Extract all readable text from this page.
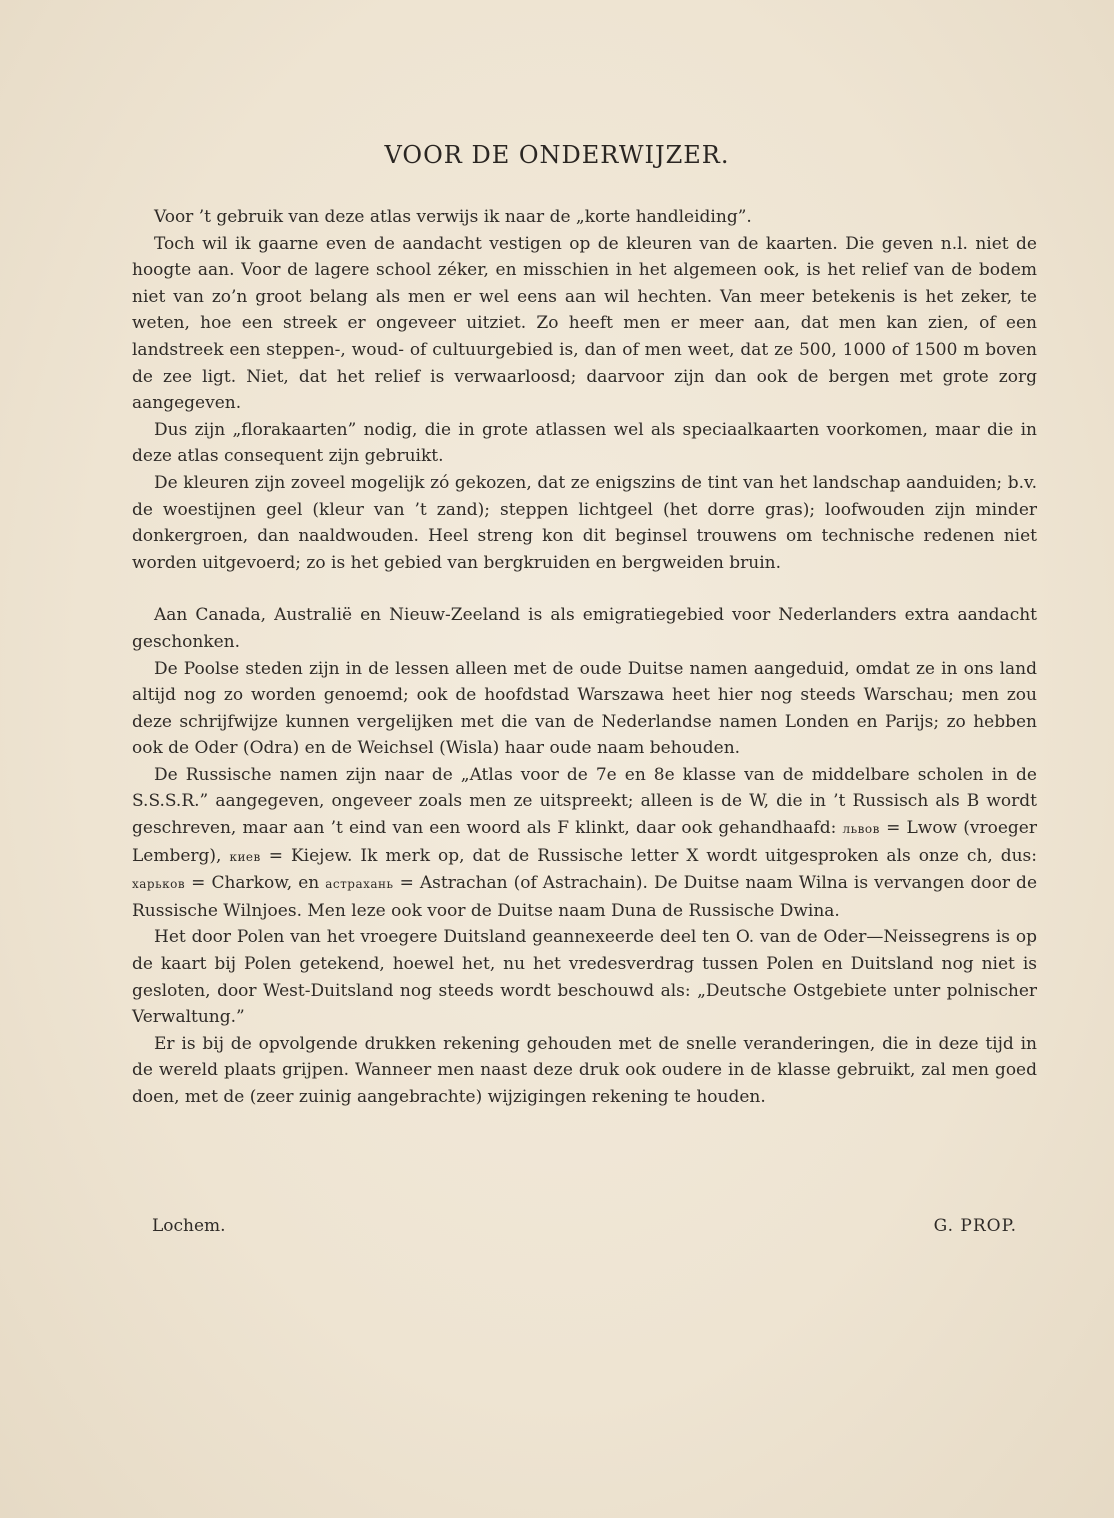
VOOR DE ONDERWIJZER.

Voor ’t gebruik van deze atlas verwijs ik naar de „korte handleiding”.

Toch wil ik gaarne even de aandacht vestigen op de kleuren van de kaarten. Die geven n.l. niet de hoogte aan. Voor de lagere school zéker, en misschien in het algemeen ook, is het relief van de bodem niet van zo’n groot belang als men er wel eens aan wil hechten. Van meer betekenis is het zeker, te weten, hoe een streek er ongeveer uitziet. Zo heeft men er meer aan, dat men kan zien, of een landstreek een steppen-, woud- of cultuurgebied is, dan of men weet, dat ze 500, 1000 of 1500 m boven de zee ligt. Niet, dat het relief is verwaarloosd; daarvoor zijn dan ook de bergen met grote zorg aangegeven.

Dus zijn „florakaarten” nodig, die in grote atlassen wel als speciaalkaarten voorkomen, maar die in deze atlas consequent zijn gebruikt.

De kleuren zijn zoveel mogelijk zó gekozen, dat ze enigszins de tint van het landschap aanduiden; b.v. de woestijnen geel (kleur van ’t zand); steppen lichtgeel (het dorre gras); loofwouden zijn minder donkergroen, dan naaldwouden. Heel streng kon dit beginsel trouwens om technische redenen niet worden uitgevoerd; zo is het gebied van bergkruiden en bergweiden bruin.

Aan Canada, Australië en Nieuw-Zeeland is als emigratiegebied voor Nederlanders extra aandacht geschonken.

De Poolse steden zijn in de lessen alleen met de oude Duitse namen aangeduid, omdat ze in ons land altijd nog zo worden genoemd; ook de hoofdstad Warszawa heet hier nog steeds Warschau; men zou deze schrijfwijze kunnen vergelijken met die van de Nederlandse namen Londen en Parijs; zo hebben ook de Oder (Odra) en de Weichsel (Wisla) haar oude naam behouden.

De Russische namen zijn naar de „Atlas voor de 7e en 8e klasse van de middelbare scholen in de S.S.S.R.” aangegeven, ongeveer zoals men ze uitspreekt; alleen is de W, die in ’t Russisch als B wordt geschreven, maar aan ’t eind van een woord als F klinkt, daar ook gehandhaafd: львов = Lwow (vroeger Lemberg), киев = Kiejew. Ik merk op, dat de Russische letter X wordt uitgesproken als onze ch, dus: харьков = Charkow, en астрахань = Astrachan (of Astrachain). De Duitse naam Wilna is vervangen door de Russische Wilnjoes. Men leze ook voor de Duitse naam Duna de Russische Dwina.

Het door Polen van het vroegere Duitsland geannexeerde deel ten O. van de Oder—Neissegrens is op de kaart bij Polen getekend, hoewel het, nu het vredesverdrag tussen Polen en Duitsland nog niet is gesloten, door West-Duitsland nog steeds wordt beschouwd als: „Deutsche Ostgebiete unter polnischer Verwaltung.”

Er is bij de opvolgende drukken rekening gehouden met de snelle veranderingen, die in deze tijd in de wereld plaats grijpen. Wanneer men naast deze druk ook oudere in de klasse gebruikt, zal men goed doen, met de (zeer zuinig aangebrachte) wijzigingen rekening te houden.

Lochem.	G. PROP.
